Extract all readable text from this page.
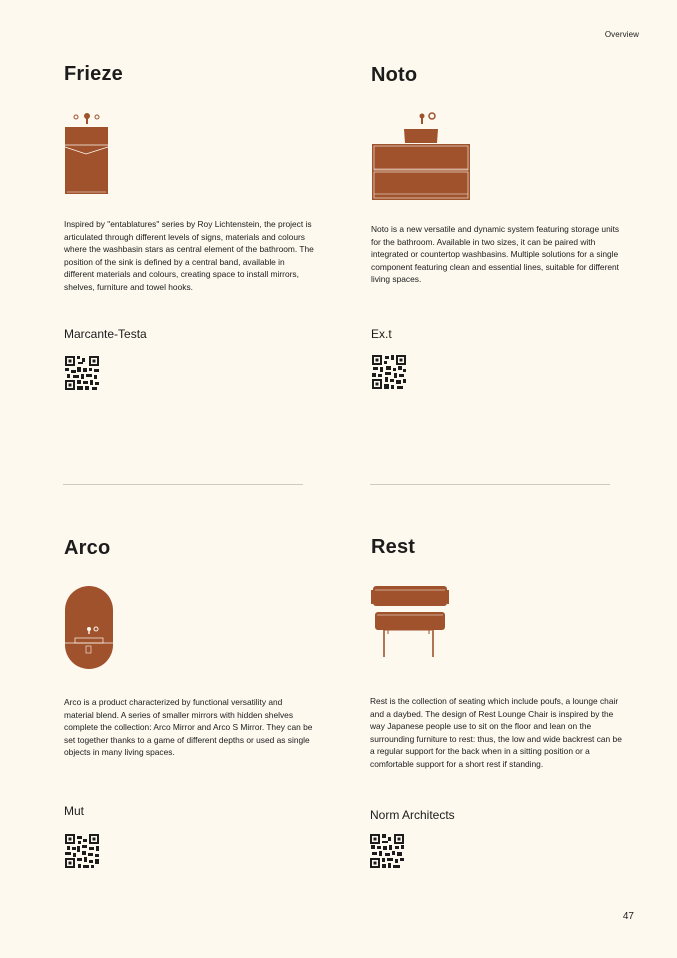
Overview
Frieze
Inspired by "entablatures" series by Roy Lichtenstein, the project is articulated through different levels of signs, materials and colours where the washbasin stars as central element of the bathroom. The position of the sink is defined by a central band, available in different materials and colours, creating space to install mirrors, shelves, furniture and towel hooks.
Marcante-Testa
Noto
Noto is a new versatile and dynamic system featuring storage units for the bathroom. Available in two sizes, it can be paired with integrated or countertop washbasins. Multiple solutions for a single component featuring clean and essential lines, suitable for different living spaces.
Ex.t
Arco
Arco is a product characterized by functional versatility and material blend. A series of smaller mirrors with hidden shelves complete the collection: Arco Mirror and Arco S Mirror. They can be set together thanks to a game of different depths or used as single objects in many living spaces.
Mut
Rest
Rest is the collection of seating which include poufs, a lounge chair and a daybed. The design of Rest Lounge Chair is inspired by the way Japanese people use to sit on the floor and lean on the surrounding furniture to rest: thus, the low and wide backrest can be a regular support for the back when in a sitting position or a comfortable support for a short rest if standing.
Norm Architects
47
